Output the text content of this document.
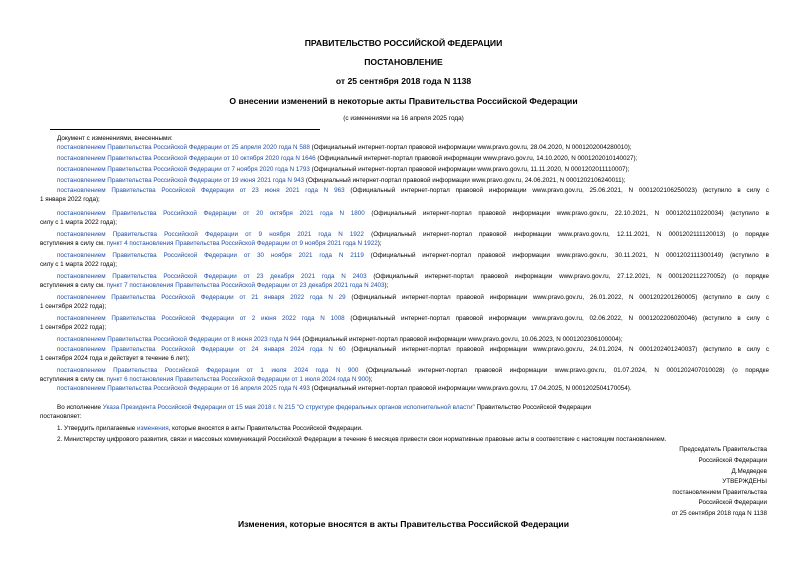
ПРАВИТЕЛЬСТВО РОССИЙСКОЙ ФЕДЕРАЦИИ
ПОСТАНОВЛЕНИЕ
от 25 сентября 2018 года N 1138
О внесении изменений в некоторые акты Правительства Российской Федерации
(с изменениями на 16 апреля 2025 года)
Документ с изменениями, внесенными:
постановлением Правительства Российской Федерации от 25 апреля 2020 года N 588 (Официальный интернет-портал правовой информации www.pravo.gov.ru, 28.04.2020, N 0001202004280010);
постановлением Правительства Российской Федерации от 10 октября 2020 года N 1646 (Официальный интернет-портал правовой информации www.pravo.gov.ru, 14.10.2020, N 0001202010140027);
постановлением Правительства Российской Федерации от 7 ноября 2020 года N 1793 (Официальный интернет-портал правовой информации www.pravo.gov.ru, 11.11.2020, N 0001202011110007);
постановлением Правительства Российской Федерации от 19 июня 2021 года N 943 (Официальный интернет-портал правовой информации www.pravo.gov.ru, 24.06.2021, N 0001202106240011);
постановлением Правительства Российской Федерации от 23 июня 2021 года N 963 (Официальный интернет-портал правовой информации www.pravo.gov.ru, 25.06.2021, N 0001202106250023) (вступило в силу с
1 января 2022 года);
постановлением Правительства Российской Федерации от 20 октября 2021 года N 1800 (Официальный интернет-портал правовой информации www.pravo.gov.ru, 22.10.2021, N 0001202110220034) (вступило в
силу с 1 марта 2022 года);
постановлением Правительства Российской Федерации от 9 ноября 2021 года N 1922 (Официальный интернет-портал правовой информации www.pravo.gov.ru, 12.11.2021, N 0001202111120013) (о порядке
вступления в силу см. пункт 4 постановления Правительства Российской Федерации от 9 ноября 2021 года N 1922);
постановлением Правительства Российской Федерации от 30 ноября 2021 года N 2119 (Официальный интернет-портал правовой информации www.pravo.gov.ru, 30.11.2021, N 0001202111300149) (вступило в
силу с 1 марта 2022 года);
постановлением Правительства Российской Федерации от 23 декабря 2021 года N 2403 (Официальный интернет-портал правовой информации www.pravo.gov.ru, 27.12.2021, N 0001202112270052) (о порядке
вступления в силу см. пункт 7 постановления Правительства Российской Федерации от 23 декабря 2021 года N 2403);
постановлением Правительства Российской Федерации от 21 января 2022 года N 29 (Официальный интернет-портал правовой информации www.pravo.gov.ru, 26.01.2022, N 0001202201260005) (вступило в силу с
1 сентября 2022 года);
постановлением Правительства Российской Федерации от 2 июня 2022 года N 1008 (Официальный интернет-портал правовой информации www.pravo.gov.ru, 02.06.2022, N 0001202206020046) (вступило в силу с
1 сентября 2022 года);
постановлением Правительства Российской Федерации от 8 июня 2023 года N 944 (Официальный интернет-портал правовой информации www.pravo.gov.ru, 10.06.2023, N 0001202306100004);
постановлением Правительства Российской Федерации от 24 января 2024 года N 60 (Официальный интернет-портал правовой информации www.pravo.gov.ru, 24.01.2024, N 0001202401240037) (вступило в силу с
1 сентября 2024 года и действует в течение 6 лет);
постановлением Правительства Российской Федерации от 1 июля 2024 года N 900 (Официальный интернет-портал правовой информации www.pravo.gov.ru, 01.07.2024, N 0001202407010028) (о порядке
вступления в силу см. пункт 6 постановления Правительства Российской Федерации от 1 июля 2024 года N 900);
постановлением Правительства Российской Федерации от 16 апреля 2025 года N 493 (Официальный интернет-портал правовой информации www.pravo.gov.ru, 17.04.2025, N 0001202504170054).
Во исполнение Указа Президента Российской Федерации от 15 мая 2018 г. N 215 "О структуре федеральных органов исполнительной власти" Правительство Российской Федерации
постановляет:
1. Утвердить прилагаемые изменения, которые вносятся в акты Правительства Российской Федерации.
2. Министерству цифрового развития, связи и массовых коммуникаций Российской Федерации в течение 6 месяцев привести свои нормативные правовые акты в соответствие с настоящим постановлением.
Председатель Правительства
Российской Федерации
Д.Медведев
УТВЕРЖДЕНЫ
постановлением Правительства
Российской Федерации
от 25 сентября 2018 года N 1138
Изменения, которые вносятся в акты Правительства Российской Федерации
